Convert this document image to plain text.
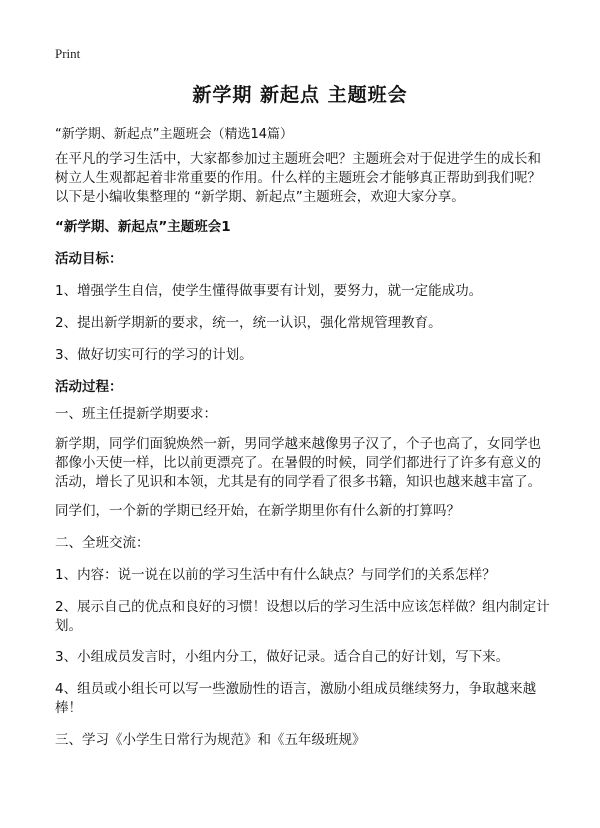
Print
新学期 新起点 主题班会
“新学期、新起点”主题班会（精选14篇）

在平凡的学习生活中，大家都参加过主题班会吧？主题班会对于促进学生的成长和树立人生观都起着非常重要的作用。什么样的主题班会才能够真正帮助到我们呢？以下是小编收集整理的 “新学期、新起点”主题班会，欢迎大家分享。

“新学期、新起点”主题班会1

活动目标：

1、增强学生自信，使学生懂得做事要有计划，要努力，就一定能成功。

2、提出新学期新的要求，统一，统一认识，强化常规管理教育。

3、做好切实可行的学习的计划。

活动过程：

一、班主任提新学期要求：

新学期，同学们面貌焕然一新，男同学越来越像男子汉了，个子也高了，女同学也都像小天使一样，比以前更漂亮了。在暑假的时候，同学们都进行了许多有意义的活动，增长了见识和本领，尤其是有的同学看了很多书籍，知识也越来越丰富了。

同学们，一个新的学期已经开始，在新学期里你有什么新的打算吗？

二、全班交流：

1、内容：说一说在以前的学习生活中有什么缺点？与同学们的关系怎样？

2、展示自己的优点和良好的习惯！设想以后的学习生活中应该怎样做？组内制定计划。

3、小组成员发言时，小组内分工，做好记录。适合自己的好计划，写下来。

4、组员或小组长可以写一些激励性的语言，激励小组成员继续努力，争取越来越棒！

三、学习《小学生日常行为规范》和《五年级班规》
